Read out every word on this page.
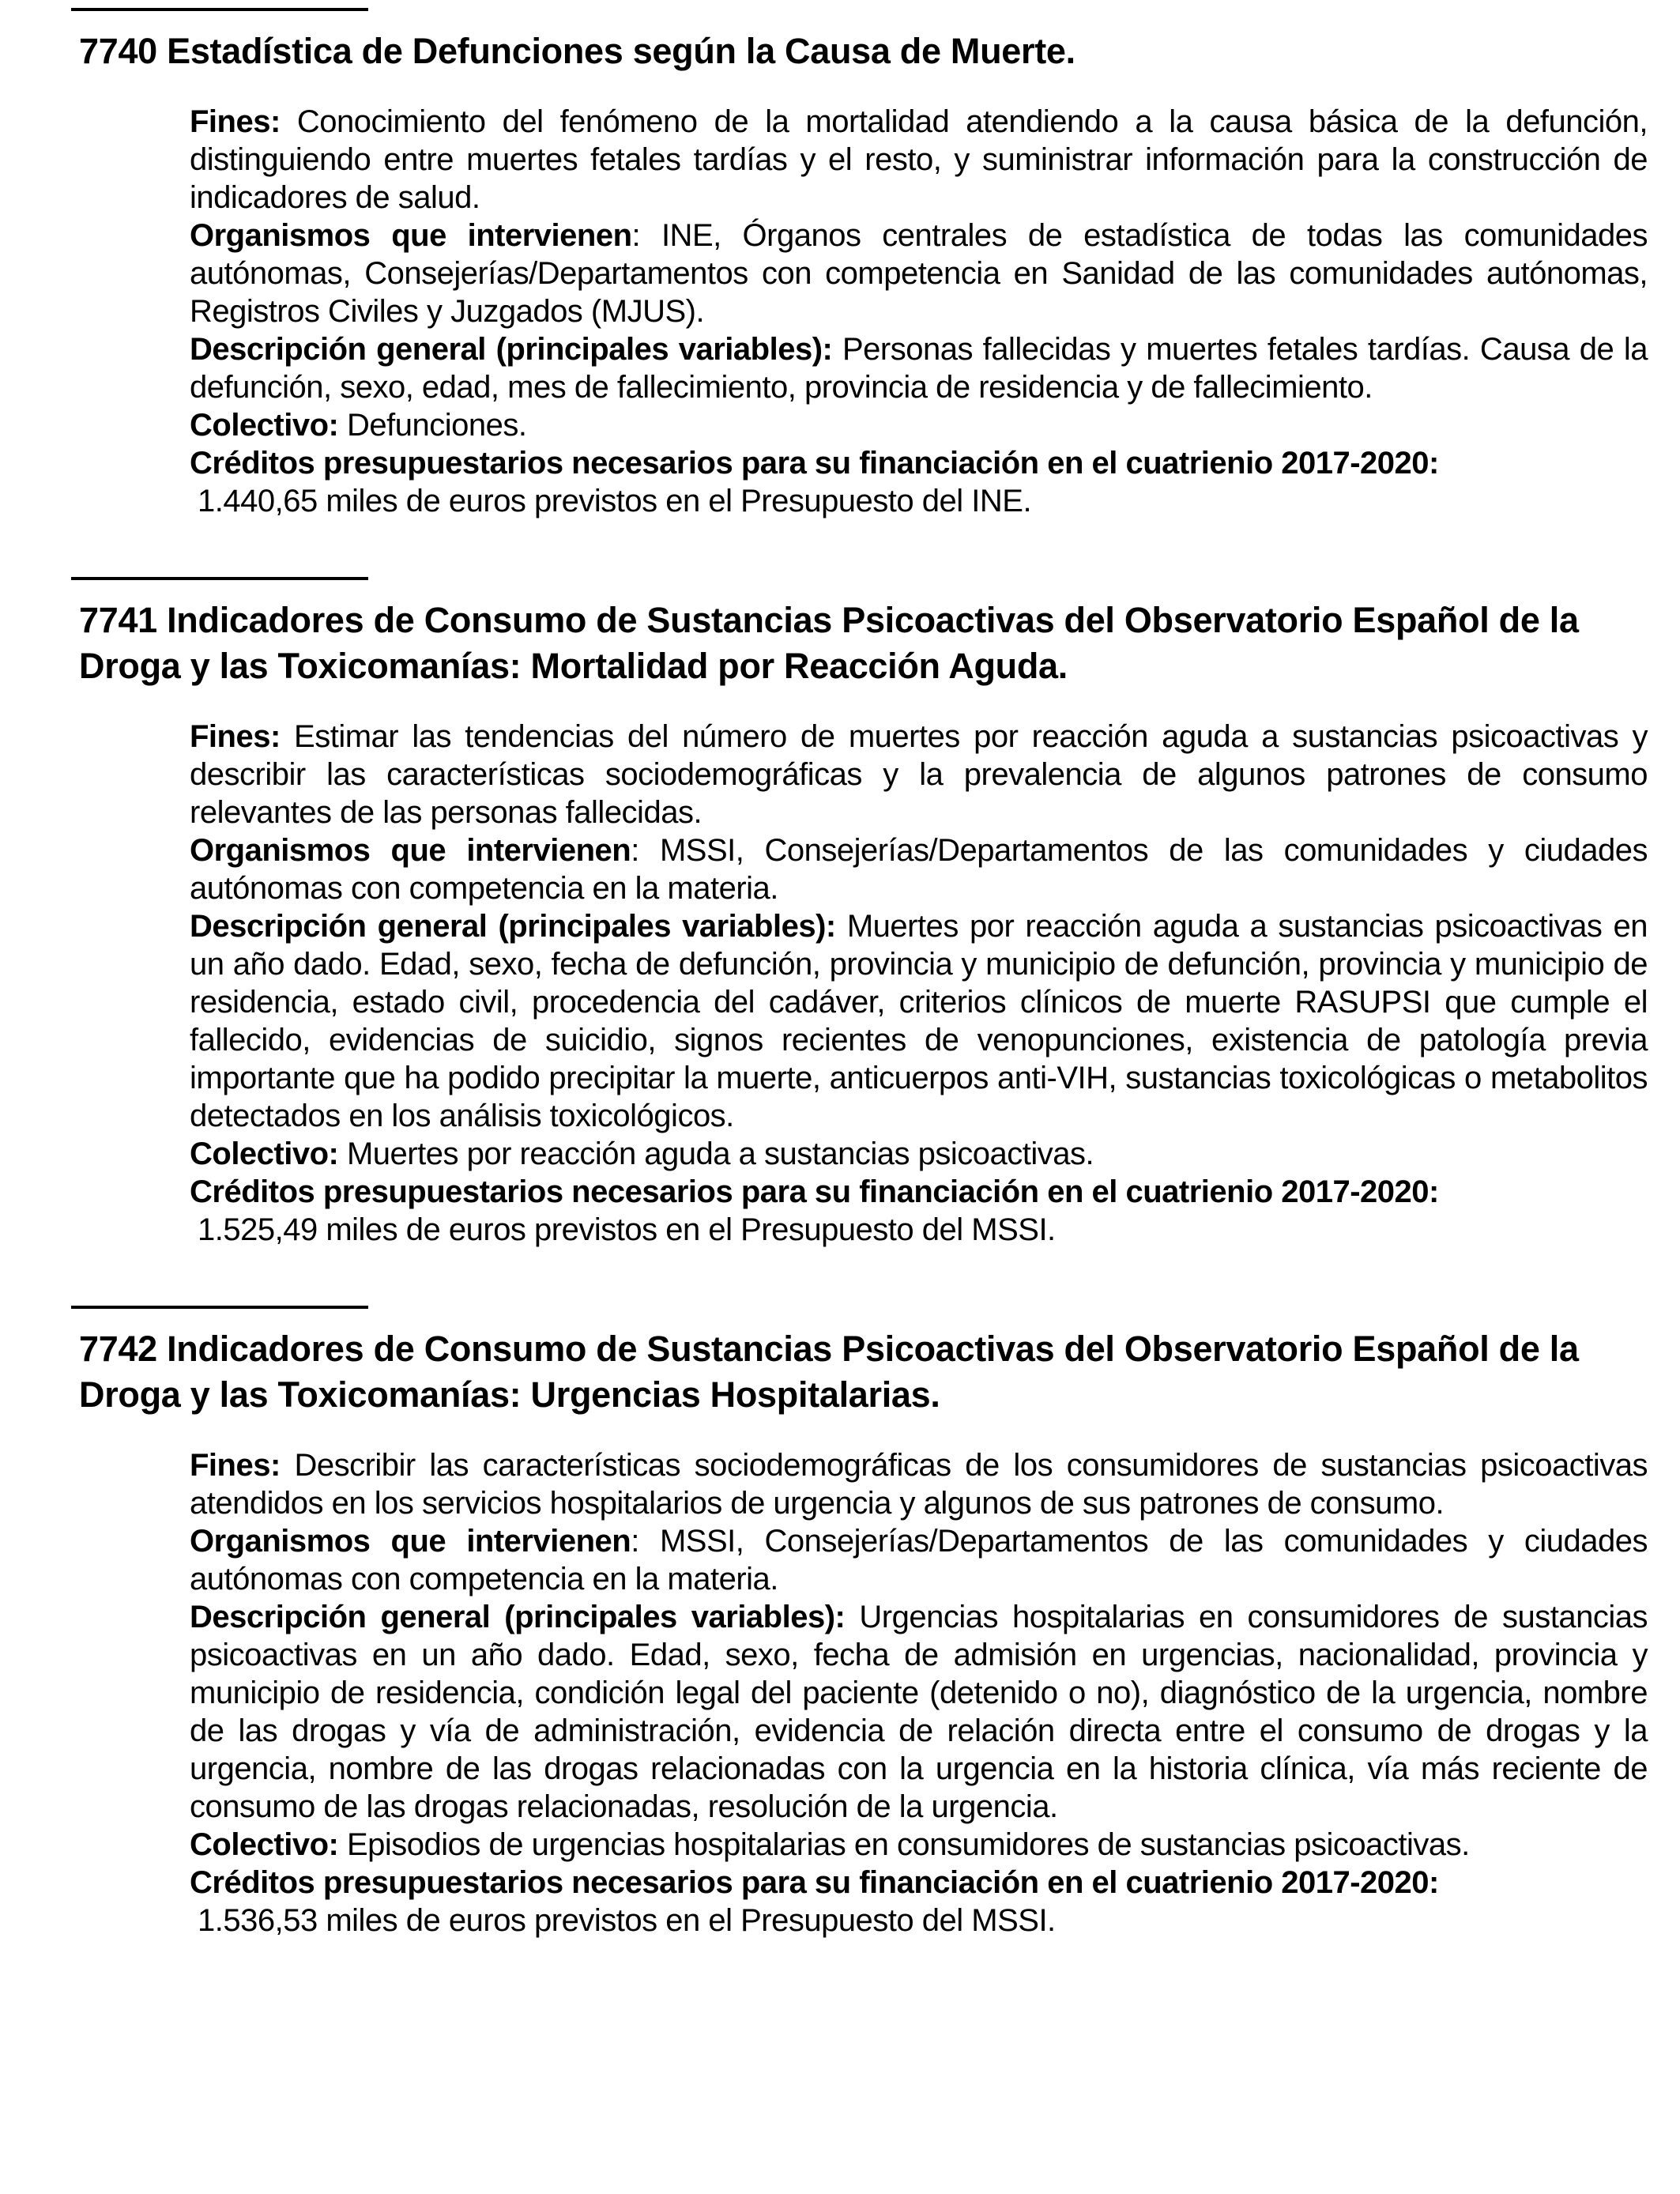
7740 Estadística de Defunciones según la Causa de Muerte.

Fines: Conocimiento del fenómeno de la mortalidad atendiendo a la causa básica de la defunción, distinguiendo entre muertes fetales tardías y el resto, y suministrar información para la construcción de indicadores de salud.

Organismos que intervienen: INE, Órganos centrales de estadística de todas las comunidades autónomas, Consejerías/Departamentos con competencia en Sanidad de las comunidades autónomas, Registros Civiles y Juzgados (MJUS).

Descripción general (principales variables): Personas fallecidas y muertes fetales tardías. Causa de la defunción, sexo, edad, mes de fallecimiento, provincia de residencia y de fallecimiento.

Colectivo: Defunciones.

Créditos presupuestarios necesarios para su financiación en el cuatrienio 2017-2020:

1.440,65 miles de euros previstos en el Presupuesto del INE.

7741 Indicadores de Consumo de Sustancias Psicoactivas del Observatorio Español de la Droga y las Toxicomanías: Mortalidad por Reacción Aguda.

Fines: Estimar las tendencias del número de muertes por reacción aguda a sustancias psicoactivas y describir las características sociodemográficas y la prevalencia de algunos patrones de consumo relevantes de las personas fallecidas.

Organismos que intervienen: MSSI, Consejerías/Departamentos de las comunidades y ciudades autónomas con competencia en la materia.

Descripción general (principales variables): Muertes por reacción aguda a sustancias psicoactivas en un año dado. Edad, sexo, fecha de defunción, provincia y municipio de defunción, provincia y municipio de residencia, estado civil, procedencia del cadáver, criterios clínicos de muerte RASUPSI que cumple el fallecido, evidencias de suicidio, signos recientes de venopunciones, existencia de patología previa importante que ha podido precipitar la muerte, anticuerpos anti-VIH, sustancias toxicológicas o metabolitos detectados en los análisis toxicológicos.

Colectivo: Muertes por reacción aguda a sustancias psicoactivas.

Créditos presupuestarios necesarios para su financiación en el cuatrienio 2017-2020:

1.525,49 miles de euros previstos en el Presupuesto del MSSI.

7742 Indicadores de Consumo de Sustancias Psicoactivas del Observatorio Español de la Droga y las Toxicomanías: Urgencias Hospitalarias.

Fines: Describir las características sociodemográficas de los consumidores de sustancias psicoactivas atendidos en los servicios hospitalarios de urgencia y algunos de sus patrones de consumo.

Organismos que intervienen: MSSI, Consejerías/Departamentos de las comunidades y ciudades autónomas con competencia en la materia.

Descripción general (principales variables): Urgencias hospitalarias en consumidores de sustancias psicoactivas en un año dado. Edad, sexo, fecha de admisión en urgencias, nacionalidad, provincia y municipio de residencia, condición legal del paciente (detenido o no), diagnóstico de la urgencia, nombre de las drogas y vía de administración, evidencia de relación directa entre el consumo de drogas y la urgencia, nombre de las drogas relacionadas con la urgencia en la historia clínica, vía más reciente de consumo de las drogas relacionadas, resolución de la urgencia.

Colectivo: Episodios de urgencias hospitalarias en consumidores de sustancias psicoactivas.

Créditos presupuestarios necesarios para su financiación en el cuatrienio 2017-2020:

1.536,53 miles de euros previstos en el Presupuesto del MSSI.
